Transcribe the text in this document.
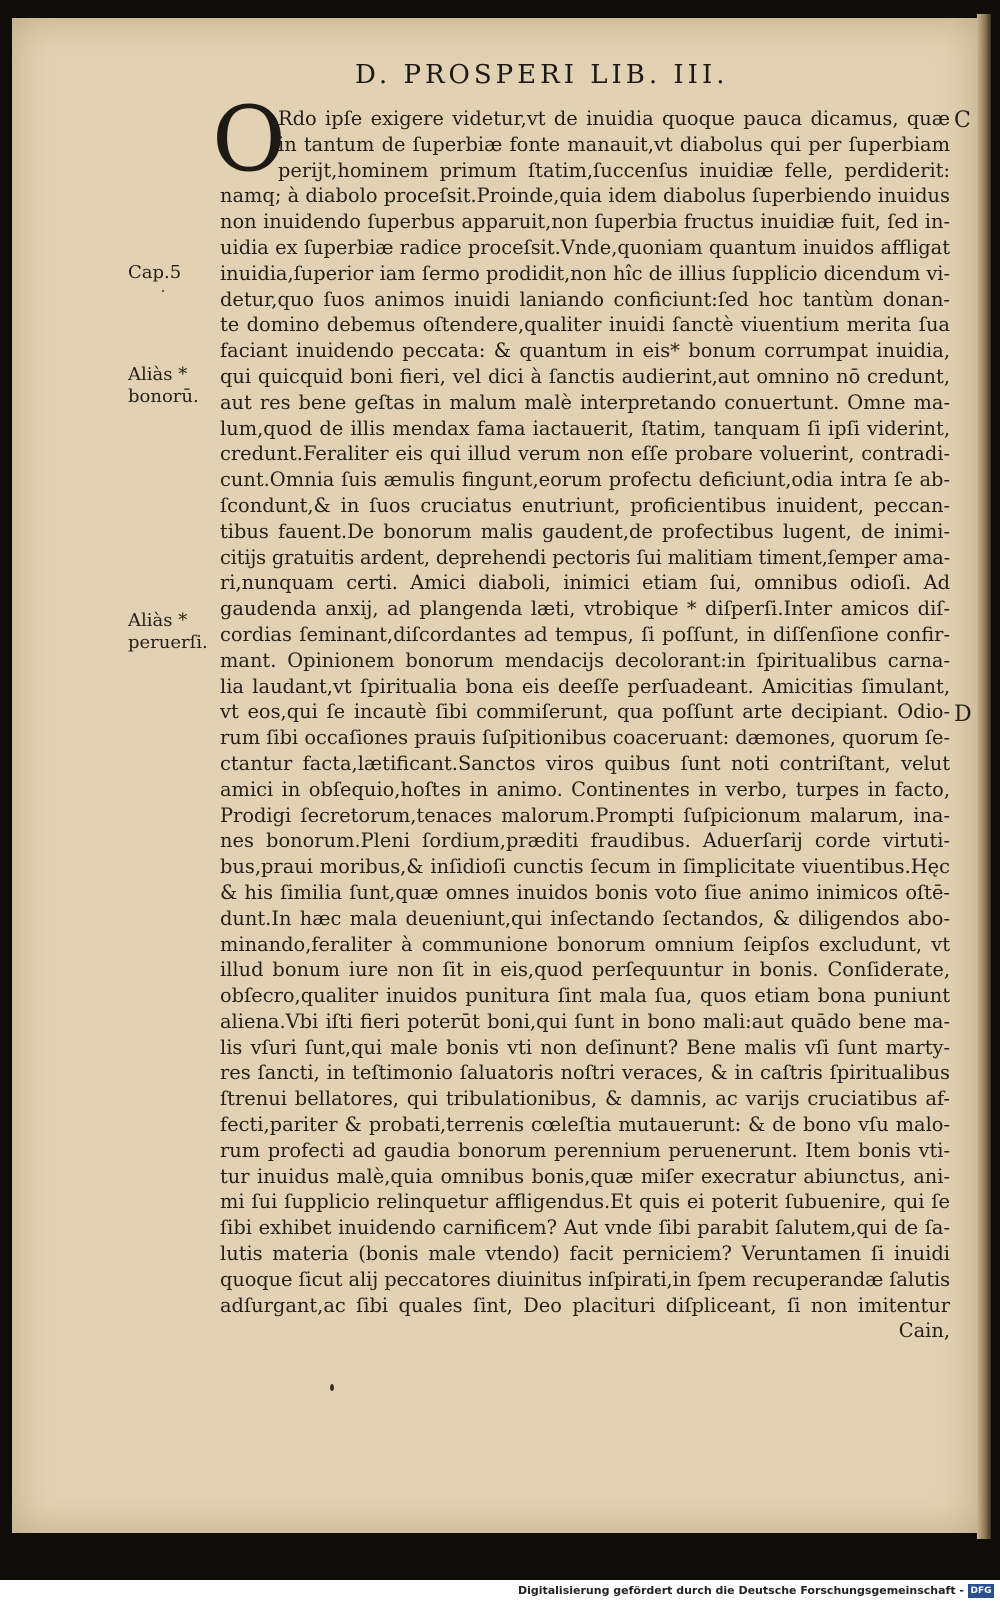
D. PROSPERI LIB. III.
O
Rdo ipſe exigere videtur,vt de inuidia quoque pauca dicamus, quæ
in tantum de ſuperbiæ fonte manauit,vt diabolus qui per ſuperbiam
perijt,hominem primum ſtatim,ſuccenſus inuidiæ felle, perdiderit:
namq; à diabolo proceſsit.Proinde,quia idem diabolus ſuperbiendo inuidus
non inuidendo ſuperbus apparuit,non ſuperbia fructus inuidiæ fuit, ſed in-
uidia ex ſuperbiæ radice proceſsit.Vnde,quoniam quantum inuidos affligat
inuidia,ſuperior iam ſermo prodidit,non hîc de illius ſupplicio dicendum vi-
detur,quo ſuos animos inuidi laniando conficiunt:ſed hoc tantùm donan-
te domino debemus oſtendere,qualiter inuidi ſanctè viuentium merita ſua
faciant inuidendo peccata: & quantum in eis* bonum corrumpat inuidia,
qui quicquid boni fieri, vel dici à ſanctis audierint,aut omnino nō credunt,
aut res bene geſtas in malum malè interpretando conuertunt. Omne ma-
lum,quod de illis mendax fama iactauerit, ſtatim, tanquam ſi ipſi viderint,
credunt.Feraliter eis qui illud verum non eſſe probare voluerint, contradi-
cunt.Omnia ſuis æmulis fingunt,eorum profectu deficiunt,odia intra ſe ab-
ſcondunt,& in ſuos cruciatus enutriunt, proficientibus inuident, peccan-
tibus fauent.De bonorum malis gaudent,de profectibus lugent, de inimi-
citijs gratuitis ardent, deprehendi pectoris ſui malitiam timent,ſemper ama-
ri,nunquam certi. Amici diaboli, inimici etiam ſui, omnibus odioſi. Ad
gaudenda anxij, ad plangenda læti, vtrobique * diſperſi.Inter amicos diſ-
cordias ſeminant,diſcordantes ad tempus, ſi poſſunt, in diſſenſione confir-
mant. Opinionem bonorum mendacijs decolorant:in ſpiritualibus carna-
lia laudant,vt ſpiritualia bona eis deeſſe perſuadeant. Amicitias ſimulant,
vt eos,qui ſe incautè ſibi commiſerunt, qua poſſunt arte decipiant. Odio-
rum ſibi occaſiones prauis ſuſpitionibus coaceruant: dæmones, quorum ſe-
ctantur facta,lætificant.Sanctos viros quibus ſunt noti contriſtant, velut
amici in obſequio,hoſtes in animo. Continentes in verbo, turpes in facto,
Prodigi ſecretorum,tenaces malorum.Prompti ſuſpicionum malarum, ina-
nes bonorum.Pleni ſordium,præditi fraudibus. Aduerſarij corde virtuti-
bus,praui moribus,& inſidioſi cunctis ſecum in ſimplicitate viuentibus.Hęc
& his ſimilia ſunt,quæ omnes inuidos bonis voto ſiue animo inimicos oſtē-
dunt.In hæc mala deueniunt,qui inſectando ſectandos, & diligendos abo-
minando,feraliter à communione bonorum omnium ſeipſos excludunt, vt
illud bonum iure non ſit in eis,quod perſequuntur in bonis. Conſiderate,
obſecro,qualiter inuidos punitura ſint mala ſua, quos etiam bona puniunt
aliena.Vbi iſti fieri poterūt boni,qui ſunt in bono mali:aut quādo bene ma-
lis vſuri ſunt,qui male bonis vti non deſinunt? Bene malis vſi ſunt marty-
res ſancti, in teſtimonio ſaluatoris noſtri veraces, & in caſtris ſpiritualibus
ſtrenui bellatores, qui tribulationibus, & damnis, ac varijs cruciatibus af-
fecti,pariter & probati,terrenis cœleſtia mutauerunt: & de bono vſu malo-
rum profecti ad gaudia bonorum perennium peruenerunt. Item bonis vti-
tur inuidus malè,quia omnibus bonis,quæ miſer execratur abiunctus, ani-
mi ſui ſupplicio relinquetur affligendus.Et quis ei poterit ſubuenire, qui ſe
ſibi exhibet inuidendo carnificem? Aut vnde ſibi parabit ſalutem,qui de ſa-
lutis materia (bonis male vtendo) facit perniciem? Veruntamen ſi inuidi
quoque ſicut alij peccatores diuinitus inſpirati,in ſpem recuperandæ ſalutis
adſurgant,ac ſibi quales ſint, Deo placituri diſpliceant, ſi non imitentur
Cain,
Cap.5
Aliàs *
bonorū.
Aliàs *
peruerſi.
C
D
Digitalisierung gefördert durch die Deutsche Forschungsgemeinschaft - DFG
